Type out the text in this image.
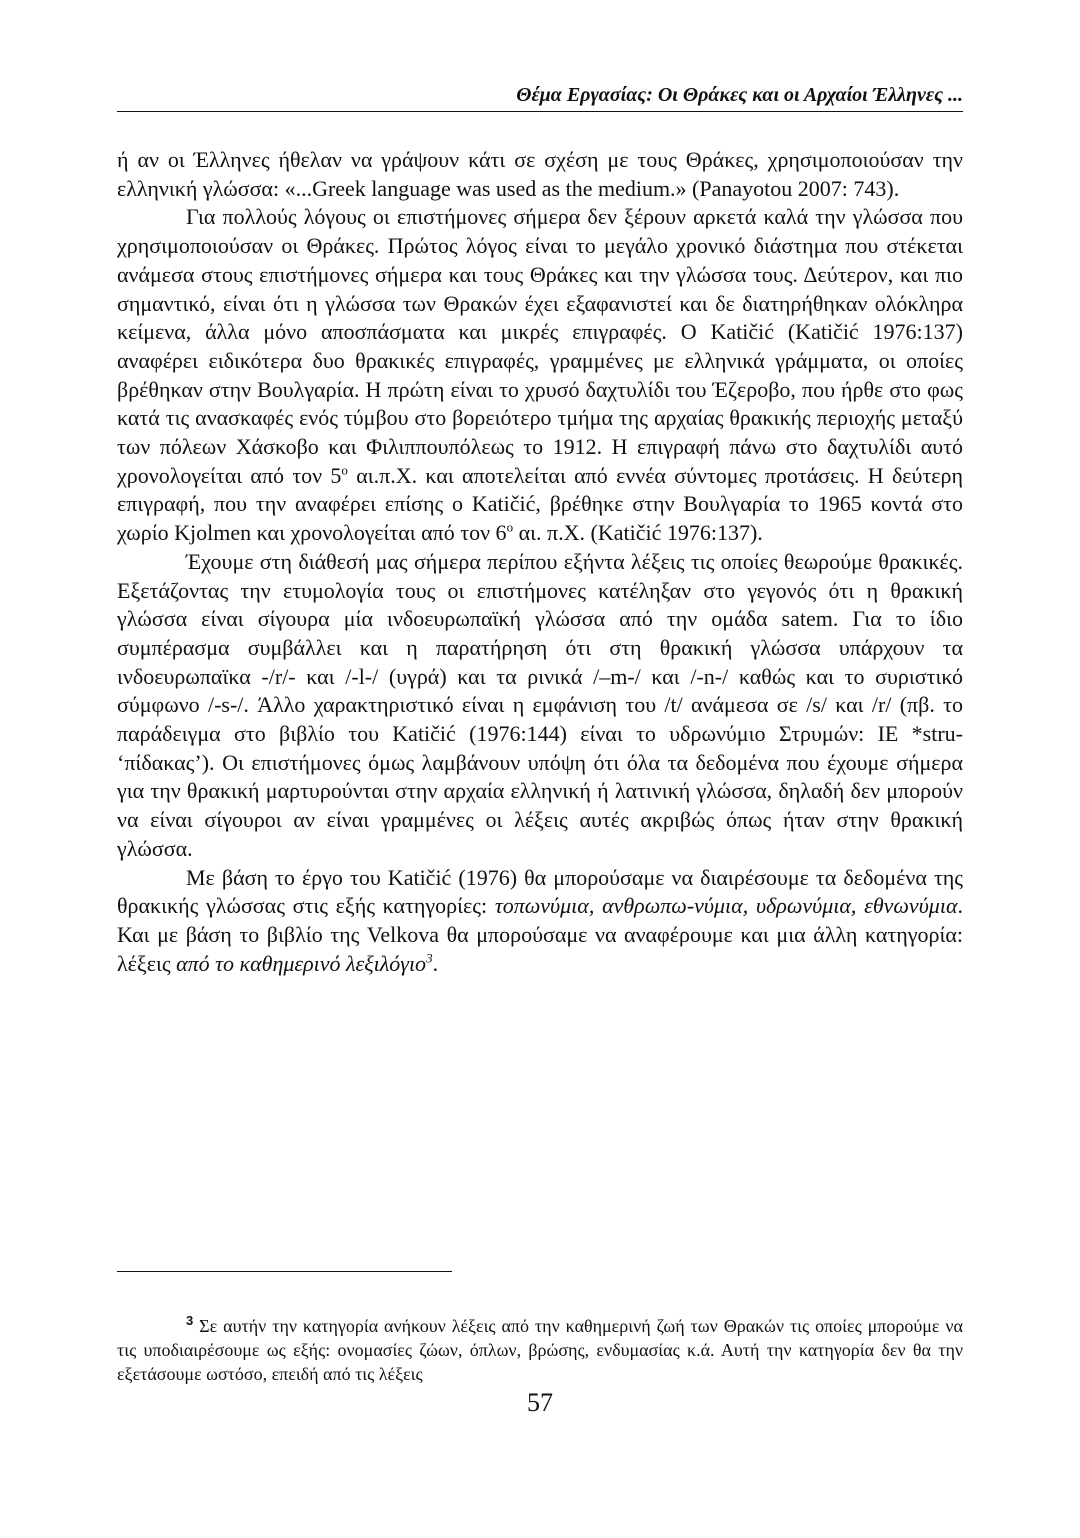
Θέμα Εργασίας: Οι Θράκες και οι Αρχαίοι Έλληνες ...

ή αν οι Έλληνες ήθελαν να γράψουν κάτι σε σχέση με τους Θράκες, χρησιμοποιούσαν την ελληνική γλώσσα: «...Greek language was used as the medium.» (Panayotou 2007: 743).

Για πολλούς λόγους οι επιστήμονες σήμερα δεν ξέρουν αρκετά καλά την γλώσσα που χρησιμοποιούσαν οι Θράκες. Πρώτος λόγος είναι το μεγάλο χρονικό διάστημα που στέκεται ανάμεσα στους επιστήμονες σήμερα και τους Θράκες και την γλώσσα τους. Δεύτερον, και πιο σημαντικό, είναι ότι η γλώσσα των Θρακών έχει εξαφανιστεί και δε διατηρήθηκαν ολόκληρα κείμενα, άλλα μόνο αποσπάσματα και μικρές επιγραφές. Ο Katičić (Katičić 1976:137) αναφέρει ειδικότερα δυο θρακικές επιγραφές, γραμμένες με ελληνικά γράμματα, οι οποίες βρέθηκαν στην Βουλγαρία. Η πρώτη είναι το χρυσό δαχτυλίδι του Έζεροβο, που ήρθε στο φως κατά τις ανασκαφές ενός τύμβου στο βορειότερο τμήμα της αρχαίας θρακικής περιοχής μεταξύ των πόλεων Χάσκοβο και Φιλιππουπόλεως το 1912. Η επιγραφή πάνω στο δαχτυλίδι αυτό χρονολογείται από τον $5^o$ αι.π.Χ. και αποτελείται από εννέα σύντομες προτάσεις. Η δεύτερη επιγραφή, που την αναφέρει επίσης ο Katičić, βρέθηκε στην Βουλγαρία το 1965 κοντά στο χωρίο Kjolmen και χρονολογείται από τον $6^o$ αι. π.Χ. (Katičić 1976:137).

Έχουμε στη διάθεσή μας σήμερα περίπου εξήντα λέξεις τις οποίες θεωρούμε θρακικές. Εξετάζοντας την ετυμολογία τους οι επιστήμονες κατέληξαν στο γεγονός ότι η θρακική γλώσσα είναι σίγουρα μία ινδοευρωπαϊκή γλώσσα από την ομάδα satem. Για το ίδιο συμπέρασμα συμβάλλει και η παρατήρηση ότι στη θρακική γλώσσα υπάρχουν τα ινδοευρωπαϊκα -/r/- και /-l-/ (υγρά) και τα ρινικά /–m-/ και /-n-/ καθώς και το συριστικό σύμφωνο /-s-/. Άλλο χαρακτηριστικό είναι η εμφάνιση του /t/ ανάμεσα σε /s/ και /r/ (πβ. το παράδειγμα στο βιβλίο του Katičić (1976:144) είναι το υδρωνύμιο Στρυμών: IE *stru- ‘πίδακας’). Οι επιστήμονες όμως λαμβάνουν υπόψη ότι όλα τα δεδομένα που έχουμε σήμερα για την θρακική μαρτυρούνται στην αρχαία ελληνική ή λατινική γλώσσα, δηλαδή δεν μπορούν να είναι σίγουροι αν είναι γραμμένες οι λέξεις αυτές ακριβώς όπως ήταν στην θρακική γλώσσα.

Με βάση το έργο του Katičić (1976) θα μπορούσαμε να διαιρέσουμε τα δεδομένα της θρακικής γλώσσας στις εξής κατηγορίες: τοπωνύμια, ανθρωπω-νύμια, υδρωνύμια, εθνωνύμια. Και με βάση το βιβλίο της Velkova θα μπορούσαμε να αναφέρουμε και μια άλλη κατηγορία: λέξεις από το καθημερινό λεξιλόγιο$^3$.

$^3$ Σε αυτήν την κατηγορία ανήκουν λέξεις από την καθημερινή ζωή των Θρακών τις οποίες μπορούμε να τις υποδιαιρέσουμε ως εξής: ονομασίες ζώων, όπλων, βρώσης, ενδυμασίας κ.ά. Αυτή την κατηγορία δεν θα την εξετάσουμε ωστόσο, επειδή από τις λέξεις

57
